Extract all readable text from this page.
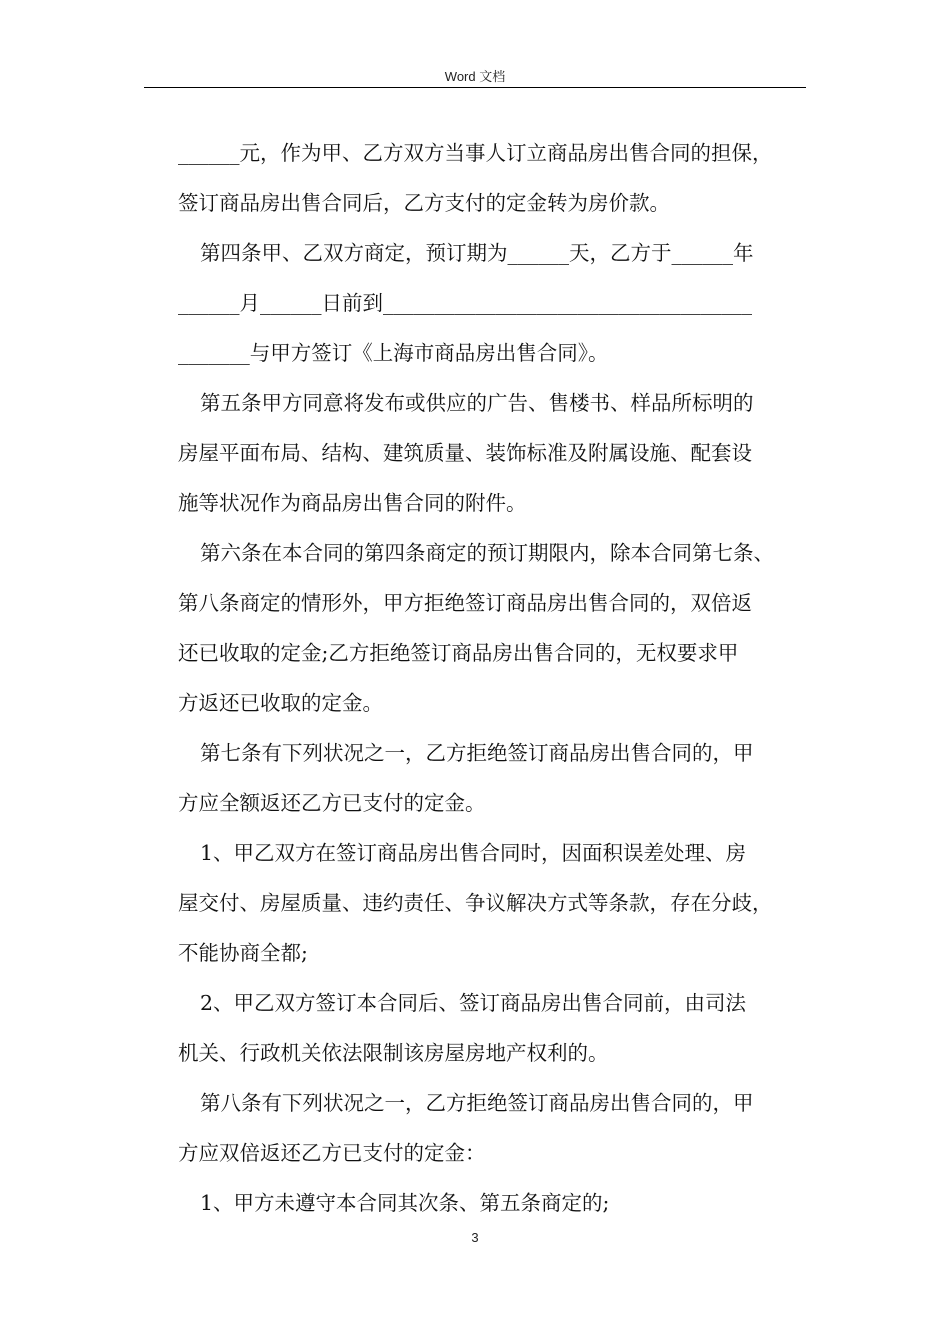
Word 文档
______元，作为甲、乙方双方当事人订立商品房出售合同的担保，
签订商品房出售合同后，乙方支付的定金转为房价款。
第四条甲、乙双方商定，预订期为______天，乙方于______年
______月______日前到____________________________________
_______与甲方签订《上海市商品房出售合同》。
第五条甲方同意将发布或供应的广告、售楼书、样品所标明的
房屋平面布局、结构、建筑质量、装饰标准及附属设施、配套设
施等状况作为商品房出售合同的附件。
第六条在本合同的第四条商定的预订期限内，除本合同第七条、
第八条商定的情形外，甲方拒绝签订商品房出售合同的，双倍返
还已收取的定金;乙方拒绝签订商品房出售合同的，无权要求甲
方返还已收取的定金。
第七条有下列状况之一，乙方拒绝签订商品房出售合同的，甲
方应全额返还乙方已支付的定金。
1、甲乙双方在签订商品房出售合同时，因面积误差处理、房
屋交付、房屋质量、违约责任、争议解决方式等条款，存在分歧，
不能协商全都;
2、甲乙双方签订本合同后、签订商品房出售合同前，由司法
机关、行政机关依法限制该房屋房地产权利的。
第八条有下列状况之一，乙方拒绝签订商品房出售合同的，甲
方应双倍返还乙方已支付的定金：
1、甲方未遵守本合同其次条、第五条商定的;
3
